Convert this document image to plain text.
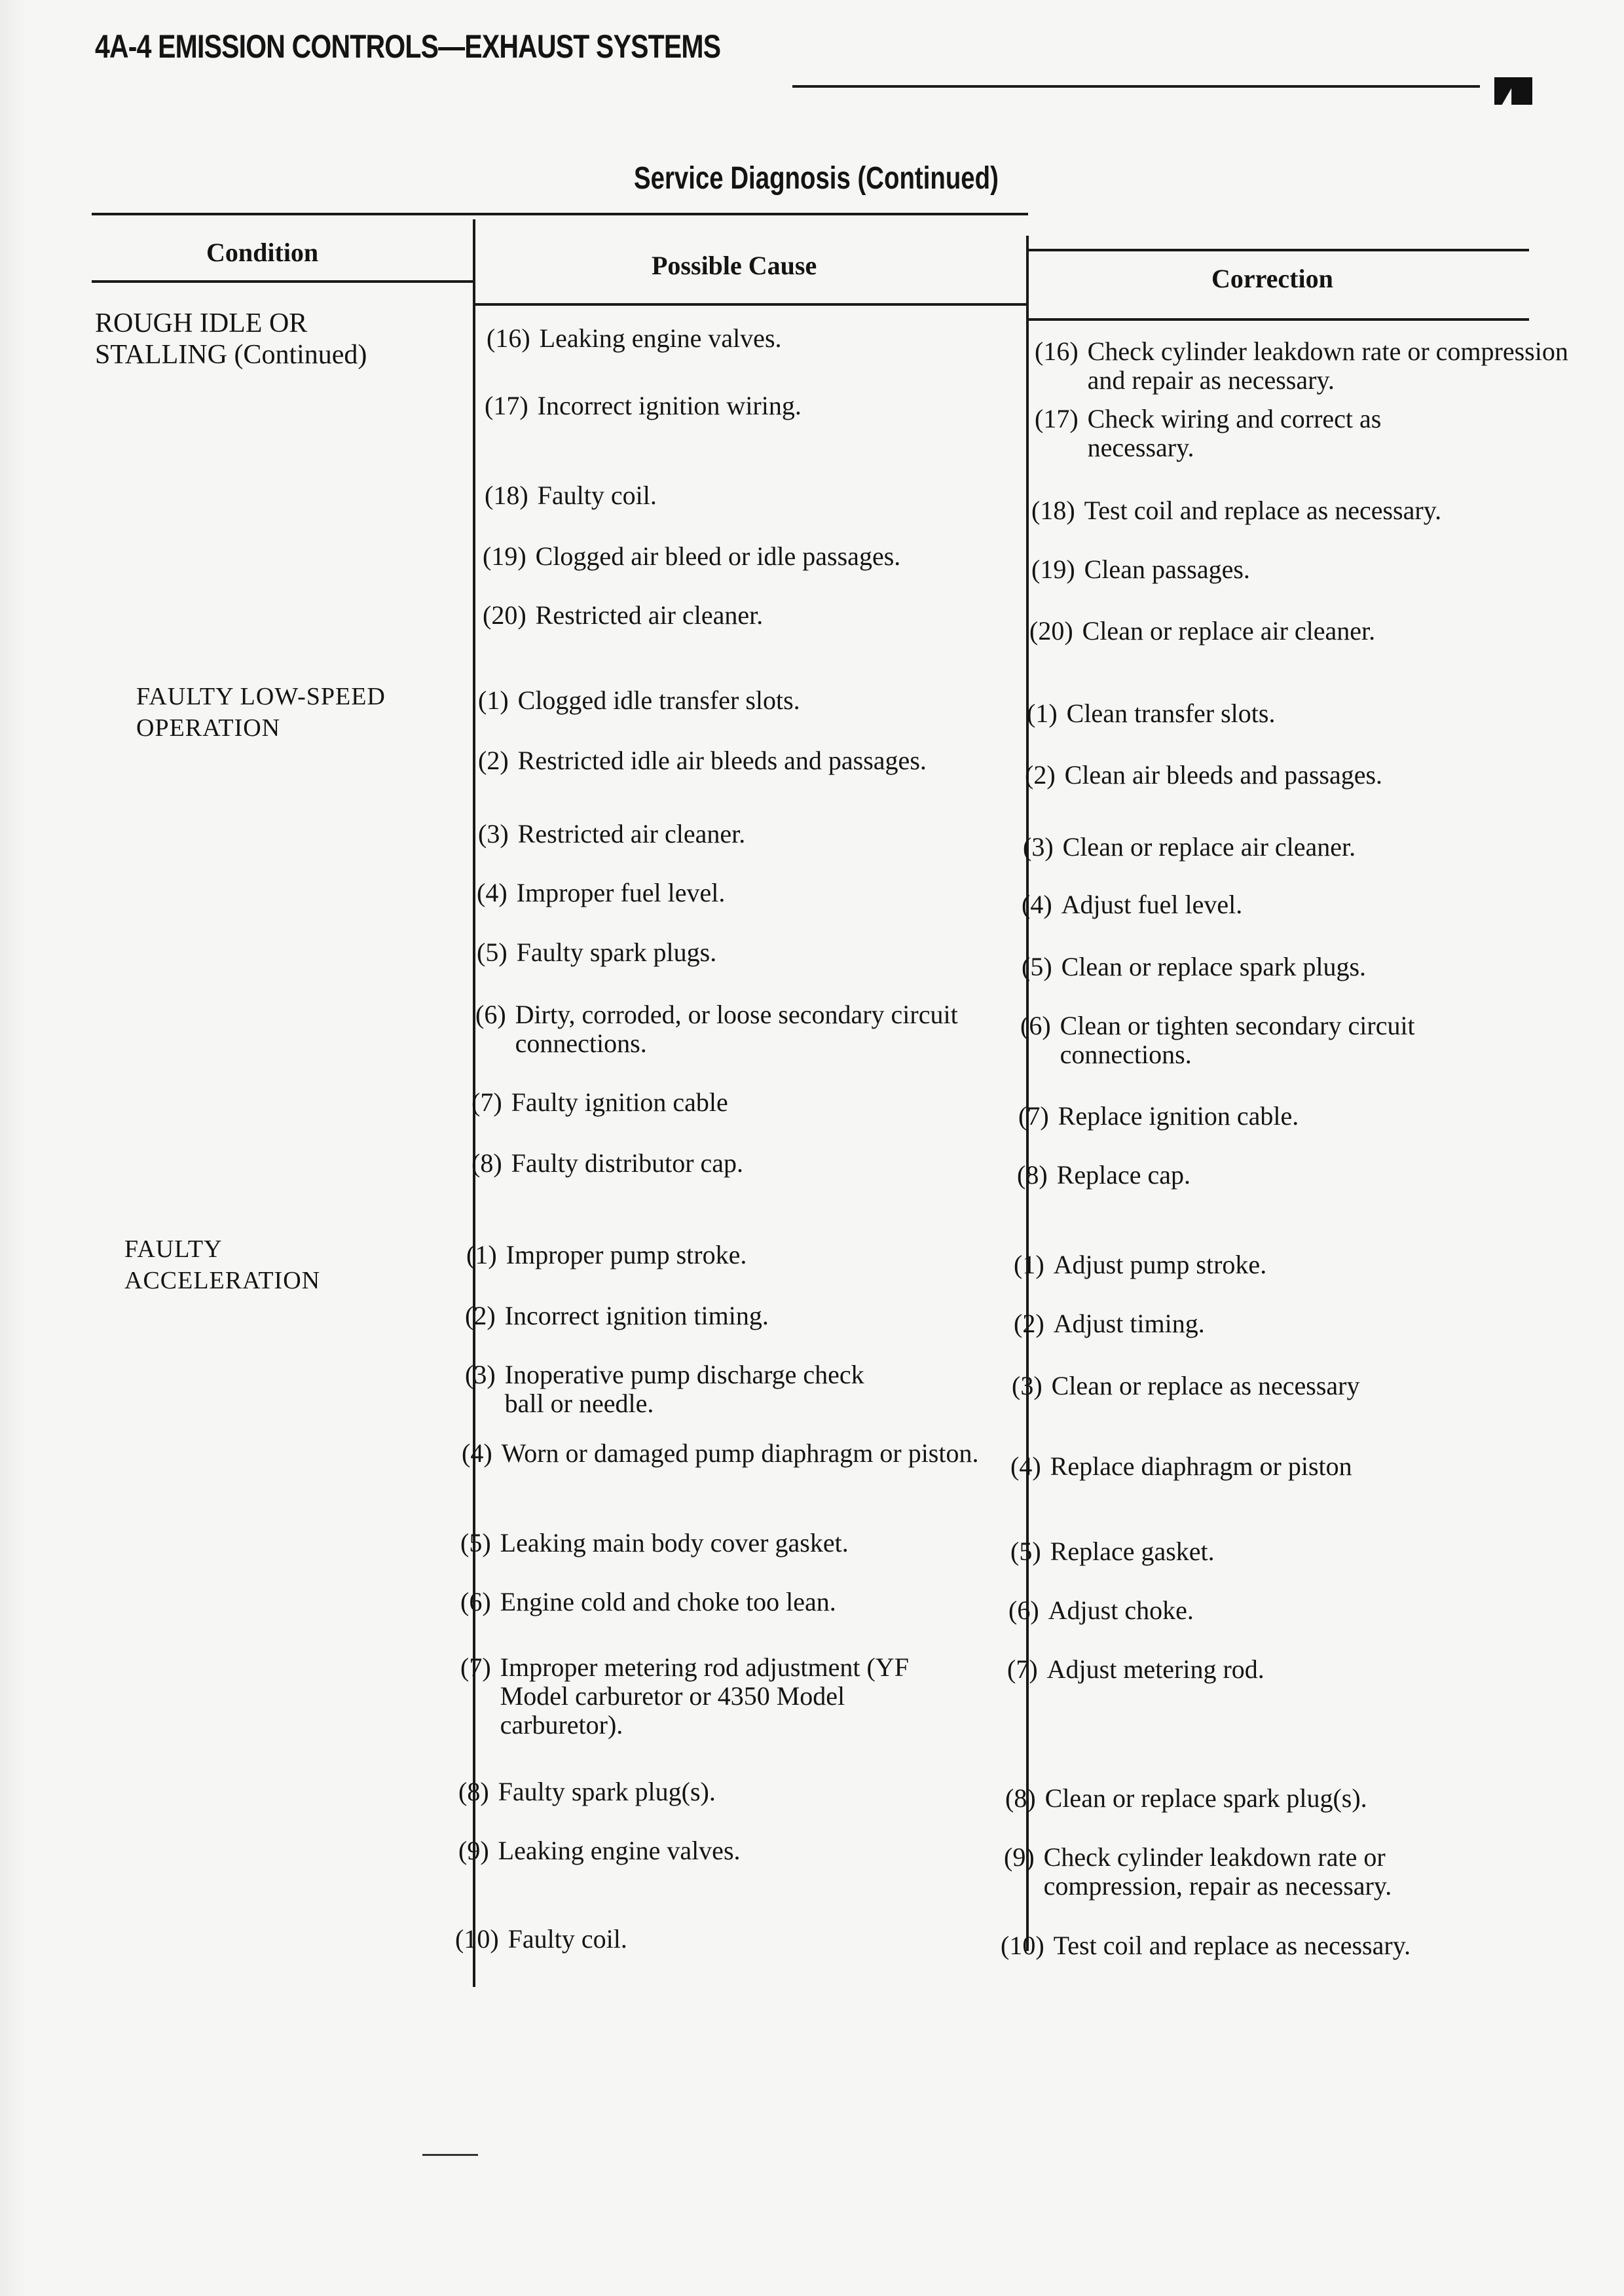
4A-4 EMISSION CONTROLS—EXHAUST SYSTEMS
Service Diagnosis (Continued)
Condition	Possible Cause	Correction
ROUGH IDLE OR
STALLING (Continued)
FAULTY LOW-SPEED
OPERATION
FAULTY
ACCELERATION
(16) Leaking engine valves.
(17) Incorrect ignition wiring.
(18) Faulty coil.
(19) Clogged air bleed or idle passages.
(20) Restricted air cleaner.
(1) Clogged idle transfer slots.
(2) Restricted idle air bleeds and passages.
(3) Restricted air cleaner.
(4) Improper fuel level.
(5) Faulty spark plugs.
(6) Dirty, corroded, or loose secondary circuit connections.
(7) Faulty ignition cable
(8) Faulty distributor cap.
(1) Improper pump stroke.
(2) Incorrect ignition timing.
(3) Inoperative pump discharge check ball or needle.
(4) Worn or damaged pump diaphragm or piston.
(5) Leaking main body cover gasket.
(6) Engine cold and choke too lean.
(7) Improper metering rod adjustment (YF Model carburetor or 4350 Model carburetor).
(8) Faulty spark plug(s).
(9) Leaking engine valves.
(10) Faulty coil.
(16) Check cylinder leakdown rate or compression and repair as necessary.
(17) Check wiring and correct as necessary.
(18) Test coil and replace as necessary.
(19) Clean passages.
(20) Clean or replace air cleaner.
(1) Clean transfer slots.
(2) Clean air bleeds and passages.
(3) Clean or replace air cleaner.
(4) Adjust fuel level.
(5) Clean or replace spark plugs.
(6) Clean or tighten secondary circuit connections.
(7) Replace ignition cable.
(8) Replace cap.
(1) Adjust pump stroke.
(2) Adjust timing.
(3) Clean or replace as necessary
(4) Replace diaphragm or piston
(5) Replace gasket.
(6) Adjust choke.
(7) Adjust metering rod.
(8) Clean or replace spark plug(s).
(9) Check cylinder leakdown rate or compression, repair as necessary.
(10) Test coil and replace as necessary.
